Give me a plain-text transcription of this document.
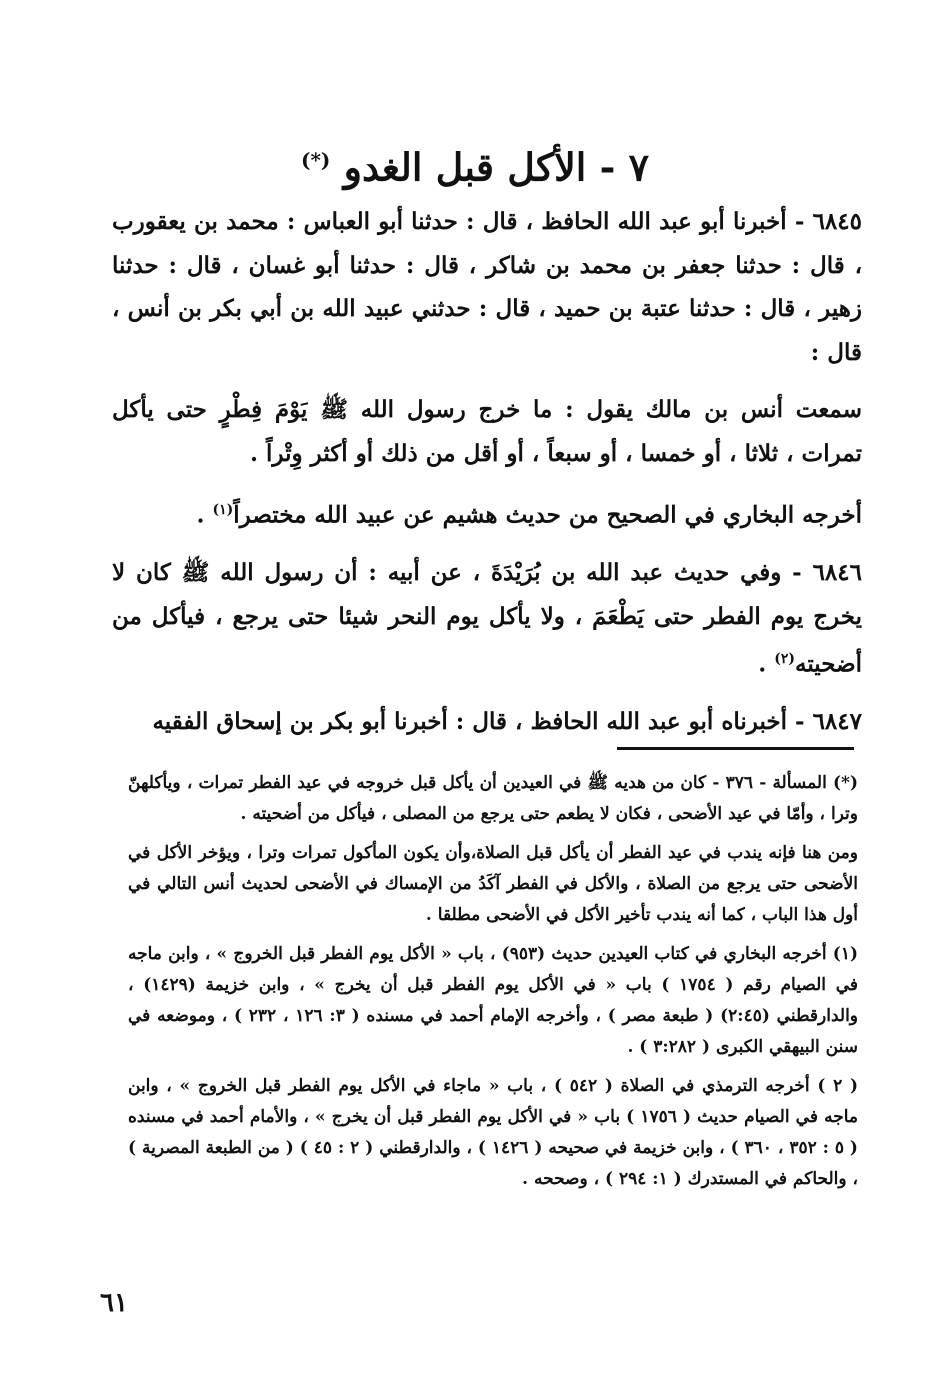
٧ - الأكل قبل الغدو (*)

٦٨٤٥ - أخبرنا أبو عبد الله الحافظ ، قال : حدثنا أبو العباس : محمد بن يعقورب ، قال : حدثنا جعفر بن محمد بن شاكر ، قال : حدثنا أبو غسان ، قال : حدثنا زهير ، قال : حدثنا عتبة بن حميد ، قال : حدثني عبيد الله بن أبي بكر بن أنس ، قال :

سمعت أنس بن مالك يقول : ما خرج رسول الله ﷺ يَوْمَ فِطْرٍ حتى يأكل تمرات ، ثلاثا ، أو خمسا ، أو سبعاً ، أو أقل من ذلك أو أكثر وِتْراً .

أخرجه البخاري في الصحيح من حديث هشيم عن عبيد الله مختصراً$^{(١)}$ .

٦٨٤٦ - وفي حديث عبد الله بن بُرَيْدَةَ ، عن أبيه : أن رسول الله ﷺ كان لا يخرج يوم الفطر حتى يَطْعَمَ ، ولا يأكل يوم النحر شيئا حتى يرجع ، فيأكل من أضحيته$^{(٢)}$ .

٦٨٤٧ - أخبرناه أبو عبد الله الحافظ ، قال : أخبرنا أبو بكر بن إسحاق الفقيه

(*) المسألة - ٣٧٦ - كان من هديه ﷺ في العيدين أن يأكل قبل خروجه في عيد الفطر تمرات ، ويأكلهنّ وترا ، وأمّا في عيد الأضحى ، فكان لا يطعم حتى يرجع من المصلى ، فيأكل من أضحيته .

ومن هنا فإنه يندب في عيد الفطر أن يأكل قبل الصلاة،وأن يكون المأكول تمرات وترا ، ويؤخر الأكل في الأضحى حتى يرجع من الصلاة ، والأكل في الفطر آكَدُ من الإمساك في الأضحى لحديث أنس التالي في أول هذا الباب ، كما أنه يندب تأخير الأكل في الأضحى مطلقا .

(١) أخرجه البخاري في كتاب العيدين حديث (٩٥٣) ، باب « الأكل يوم الفطر قبل الخروج » ، وابن ماجه في الصيام رقم ( ١٧٥٤ ) باب « في الأكل يوم الفطر قبل أن يخرج » ، وابن خزيمة (١٤٢٩) ، والدارقطني (٢:٤٥) ( طبعة مصر ) ، وأخرجه الإمام أحمد في مسنده ( ٣: ١٢٦ ، ٢٣٢ ) ، وموضعه في سنن البيهقي الكبرى ( ٣:٢٨٢ ) .

( ٢ ) أخرجه الترمذي في الصلاة ( ٥٤٢ ) ، باب « ماجاء في الأكل يوم الفطر قبل الخروج » ، وابن ماجه في الصيام حديث ( ١٧٥٦ ) باب « في الأكل يوم الفطر قبل أن يخرج » ، والأمام أحمد في مسنده ( ٥ : ٣٥٢ ، ٣٦٠ ) ، وابن خزيمة في صحيحه ( ١٤٢٦ ) ، والدارقطني ( ٢ : ٤٥ ) ( من الطبعة المصرية ) ، والحاكم في المستدرك ( ١: ٢٩٤ ) ، وصححه .

٦١
